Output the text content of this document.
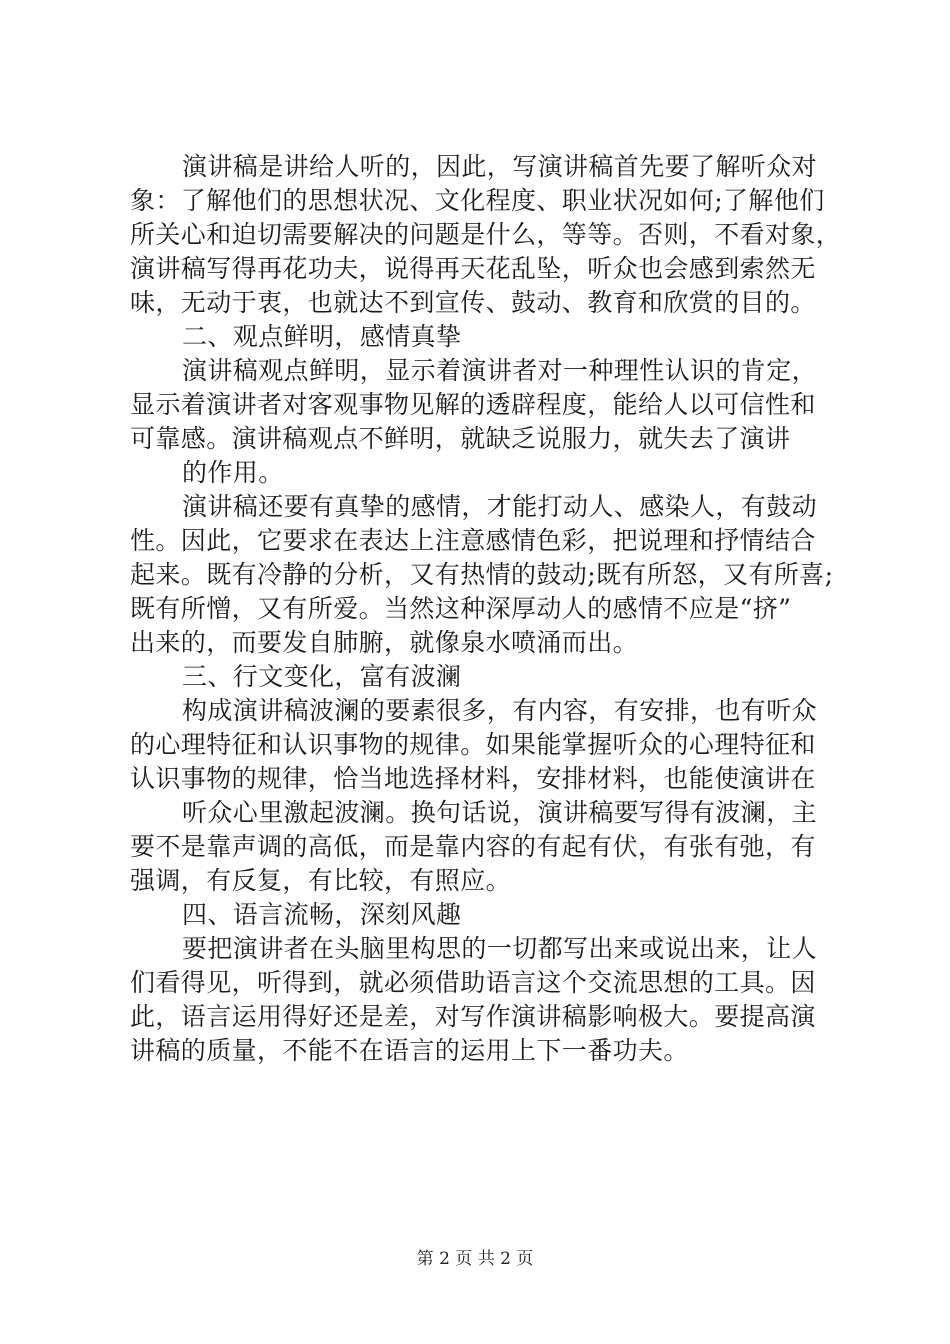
演讲稿是讲给人听的，因此，写演讲稿首先要了解听众对
象：了解他们的思想状况、文化程度、职业状况如何;了解他们
所关心和迫切需要解决的问题是什么，等等。否则，不看对象，
演讲稿写得再花功夫，说得再天花乱坠，听众也会感到索然无
味，无动于衷，也就达不到宣传、鼓动、教育和欣赏的目的。
二、观点鲜明，感情真挚
演讲稿观点鲜明，显示着演讲者对一种理性认识的肯定，
显示着演讲者对客观事物见解的透辟程度，能给人以可信性和
可靠感。演讲稿观点不鲜明，就缺乏说服力，就失去了演讲
的作用。
演讲稿还要有真挚的感情，才能打动人、感染人，有鼓动
性。因此，它要求在表达上注意感情色彩，把说理和抒情结合
起来。既有冷静的分析，又有热情的鼓动;既有所怒，又有所喜;
既有所憎，又有所爱。当然这种深厚动人的感情不应是“挤”
出来的，而要发自肺腑，就像泉水喷涌而出。
三、行文变化，富有波澜
构成演讲稿波澜的要素很多，有内容，有安排，也有听众
的心理特征和认识事物的规律。如果能掌握听众的心理特征和
认识事物的规律，恰当地选择材料，安排材料，也能使演讲在
听众心里激起波澜。换句话说，演讲稿要写得有波澜，主
要不是靠声调的高低，而是靠内容的有起有伏，有张有弛，有
强调，有反复，有比较，有照应。
四、语言流畅，深刻风趣
要把演讲者在头脑里构思的一切都写出来或说出来，让人
们看得见，听得到，就必须借助语言这个交流思想的工具。因
此，语言运用得好还是差，对写作演讲稿影响极大。要提高演
讲稿的质量，不能不在语言的运用上下一番功夫。
第 2 页 共 2 页
